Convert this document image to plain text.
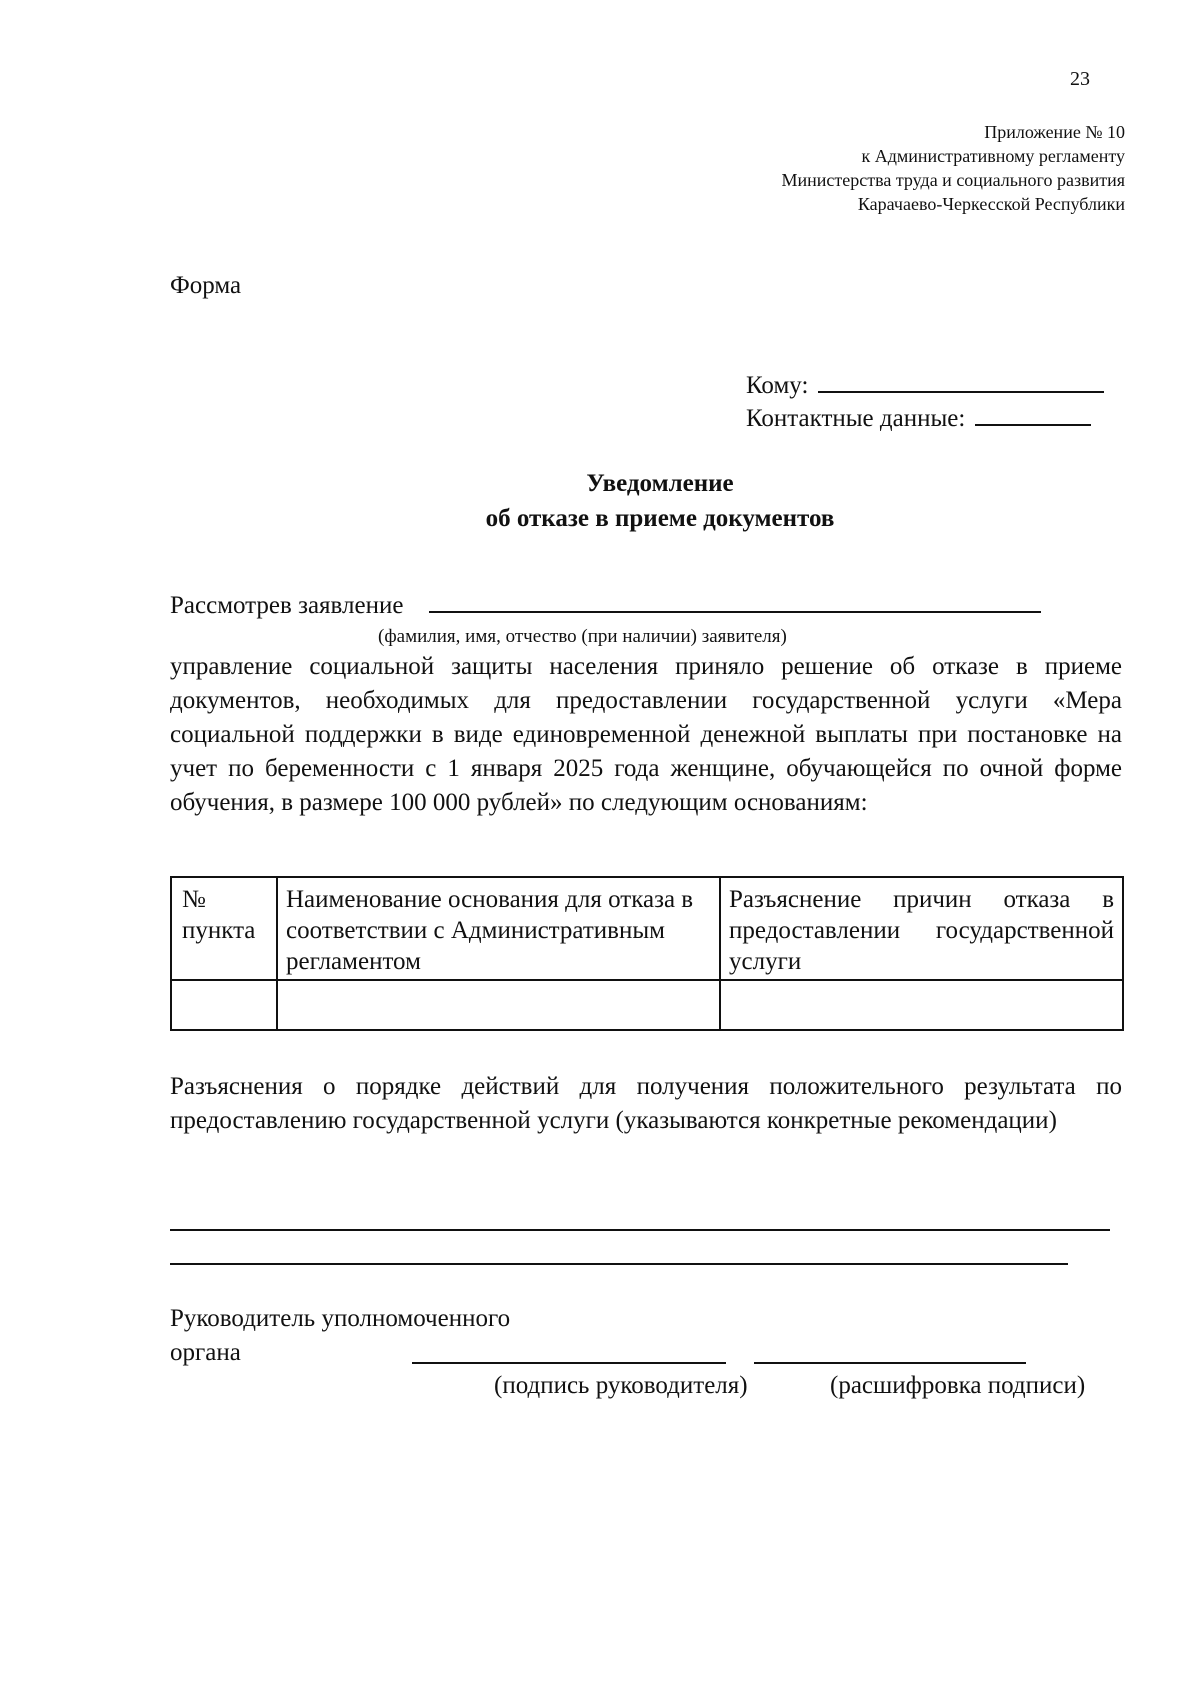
23
Приложение № 10
к Административному регламенту
Министерства труда и социального развития
Карачаево-Черкесской Республики
Форма
Кому:
Контактные данные:
Уведомление
об отказе в приеме документов
Рассмотрев заявление
(фамилия, имя, отчество (при наличии) заявителя)
управление социальной защиты населения приняло решение об отказе в приеме документов, необходимых для предоставлении государственной услуги «Мера социальной поддержки в виде единовременной денежной выплаты при постановке на учет по беременности с 1 января 2025 года женщине, обучающейся по очной форме обучения, в размере 100 000 рублей» по следующим основаниям:
№ пункта	Наименование основания для отказа в соответствии с Административным регламентом	Разъяснение причин отказа в предоставлении государственной услуги

Разъяснения о порядке действий для получения положительного результата по предоставлению государственной услуги (указываются конкретные рекомендации)
Руководитель уполномоченного
органа
(подпись руководителя)	(расшифровка подписи)
